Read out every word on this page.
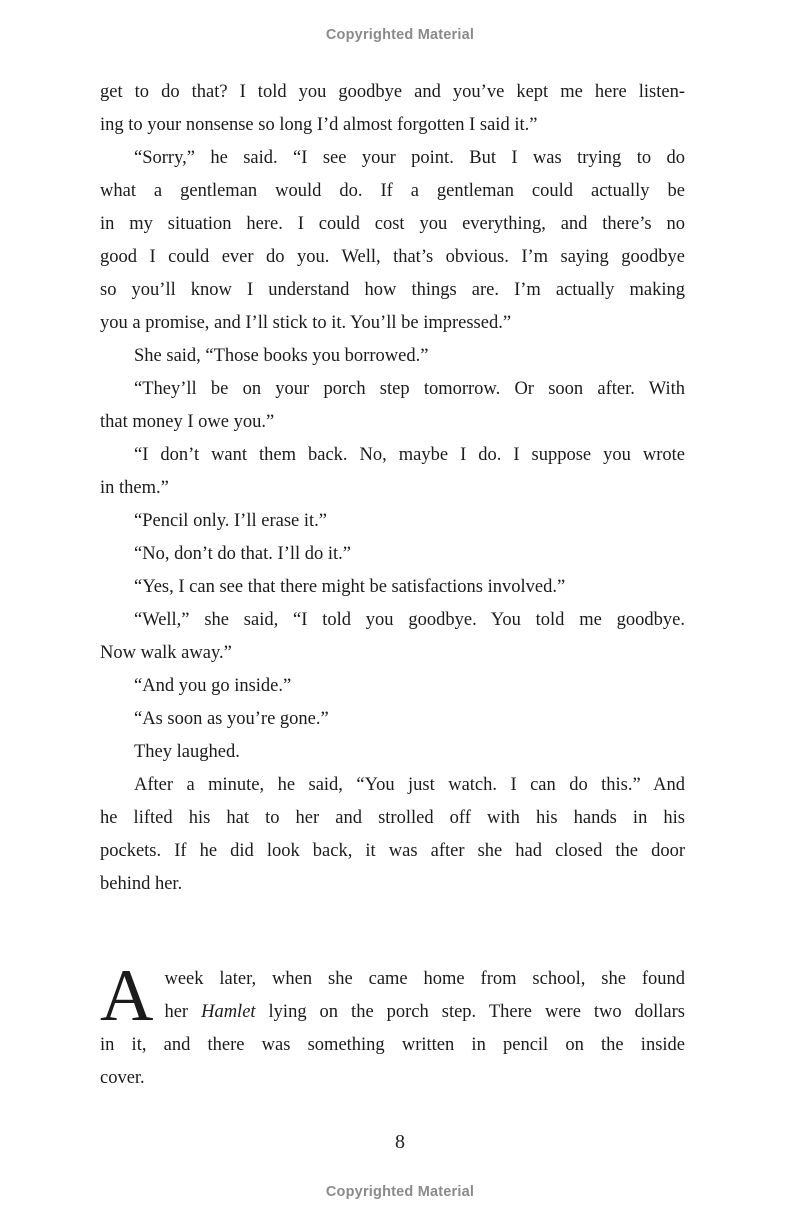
Copyrighted Material
get to do that? I told you goodbye and you’ve kept me here listen-
ing to your nonsense so long I’d almost forgotten I said it.”
“Sorry,” he said. “I see your point. But I was trying to do
what a gentleman would do. If a gentleman could actually be
in my situation here. I could cost you everything, and there’s no
good I could ever do you. Well, that’s obvious. I’m saying goodbye
so you’ll know I understand how things are. I’m actually making
you a promise, and I’ll stick to it. You’ll be impressed.”
She said, “Those books you borrowed.”
“They’ll be on your porch step tomorrow. Or soon after. With
that money I owe you.”
“I don’t want them back. No, maybe I do. I suppose you wrote
in them.”
“Pencil only. I’ll erase it.”
“No, don’t do that. I’ll do it.”
“Yes, I can see that there might be satisfactions involved.”
“Well,” she said, “I told you goodbye. You told me goodbye.
Now walk away.”
“And you go inside.”
“As soon as you’re gone.”
They laughed.
After a minute, he said, “You just watch. I can do this.” And
he lifted his hat to her and strolled off with his hands in his
pockets. If he did look back, it was after she had closed the door
behind her.
A week later, when she came home from school, she found
her Hamlet lying on the porch step. There were two dollars
in it, and there was something written in pencil on the inside
cover.
8
Copyrighted Material
